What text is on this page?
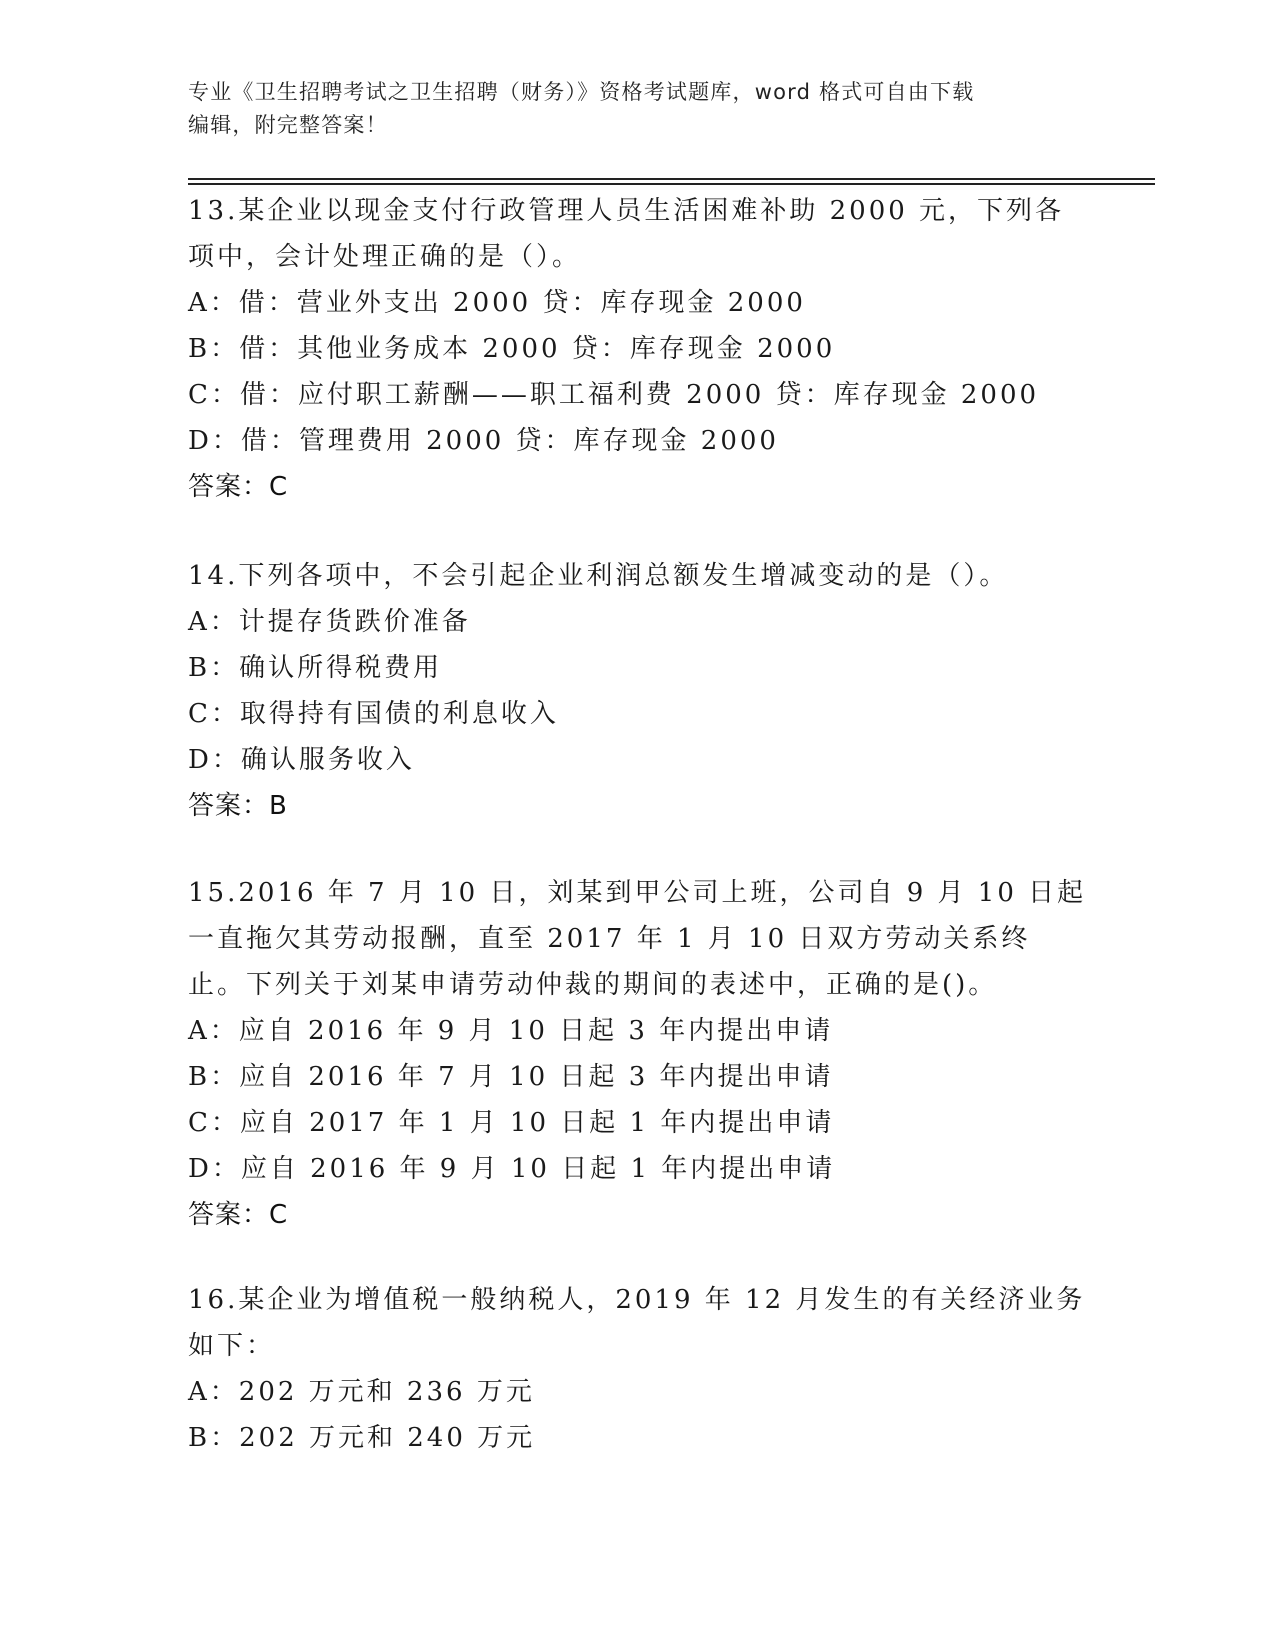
专业《卫生招聘考试之卫生招聘（财务）》资格考试题库，word 格式可自由下载
编辑，附完整答案！
13.某企业以现金支付行政管理人员生活困难补助 2000 元，下列各项中，会计处理正确的是（）。
A：借：营业外支出 2000 贷：库存现金 2000
B：借：其他业务成本 2000 贷：库存现金 2000
C：借：应付职工薪酬——职工福利费 2000 贷：库存现金 2000
D：借：管理费用 2000 贷：库存现金 2000
答案：C
14.下列各项中，不会引起企业利润总额发生增减变动的是（）。
A：计提存货跌价准备
B：确认所得税费用
C：取得持有国债的利息收入
D：确认服务收入
答案：B
15.2016 年 7 月 10 日，刘某到甲公司上班，公司自 9 月 10 日起一直拖欠其劳动报酬，直至 2017 年 1 月 10 日双方劳动关系终止。下列关于刘某申请劳动仲裁的期间的表述中，正确的是()。
A：应自 2016 年 9 月 10 日起 3 年内提出申请
B：应自 2016 年 7 月 10 日起 3 年内提出申请
C：应自 2017 年 1 月 10 日起 1 年内提出申请
D：应自 2016 年 9 月 10 日起 1 年内提出申请
答案：C
16.某企业为增值税一般纳税人，2019 年 12 月发生的有关经济业务如下：
A：202 万元和 236 万元
B：202 万元和 240 万元
